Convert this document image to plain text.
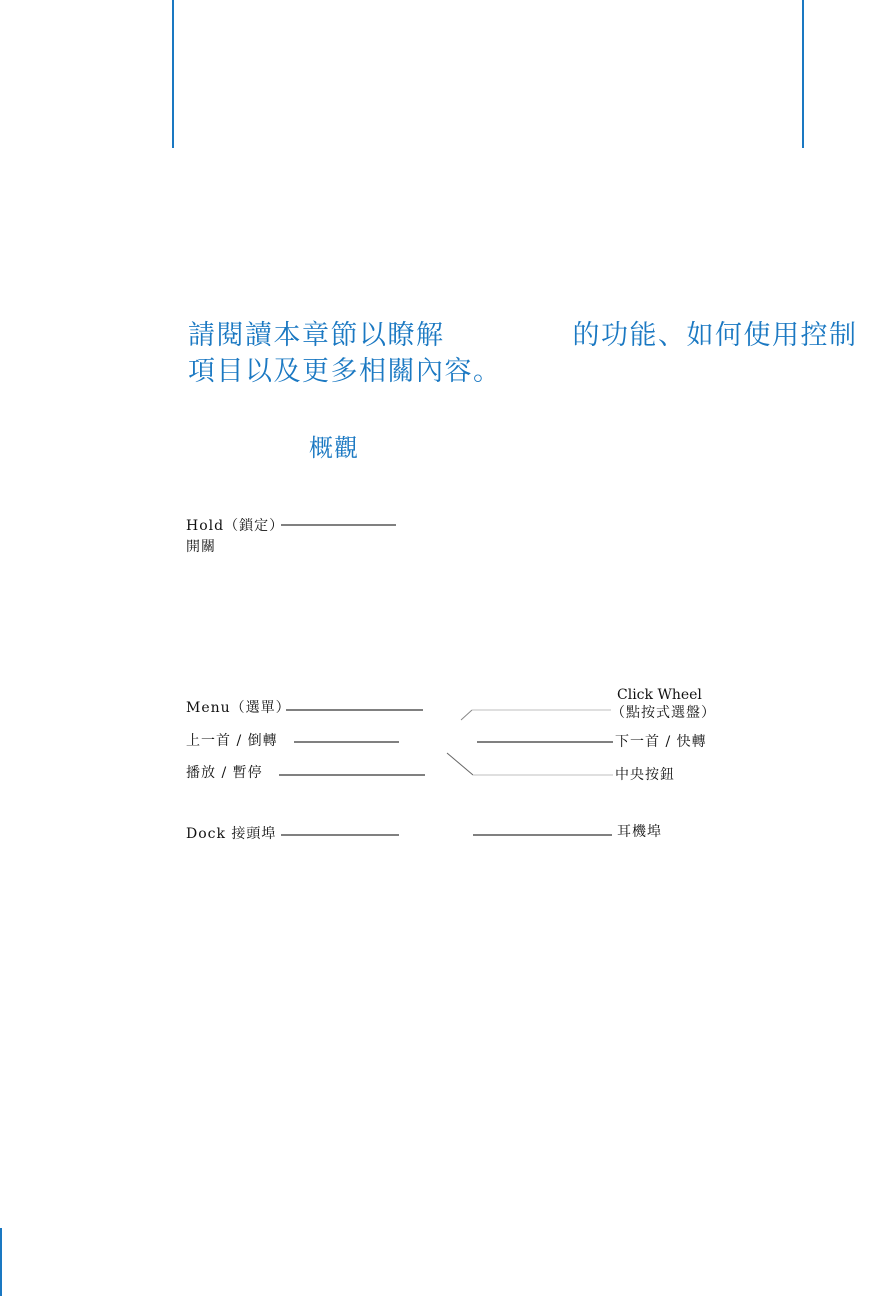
請閱讀本章節以瞭解	的功能、如何使用控制
項目以及更多相關內容。
概觀
Hold（鎖定）
開關
Menu（選單）
上一首 / 倒轉
播放 / 暫停
Dock 接頭埠
Click Wheel
（點按式選盤）
下一首 / 快轉
中央按鈕
耳機埠
